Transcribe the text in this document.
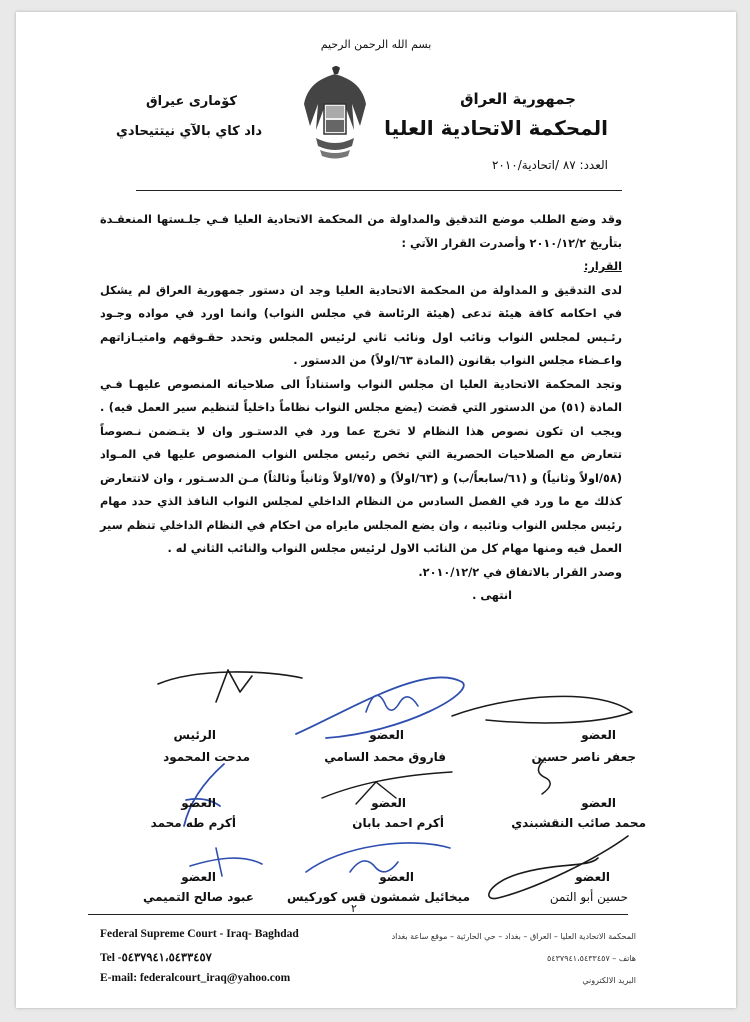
بسم الله الرحمن الرحيم
جمهورية العراق
المحكمة الاتحادية العليا
العدد: ٨٧ /اتحادية/٢٠١٠
كۆماری عیراق
داد كاي بالآي نيتتيحادي

وقد وضع الطلب موضع التدقيق والمداولة من المحكمة الاتحادية العليا فـي جلـستها المنعقـدة بتأريخ ٢٠١٠/١٢/٢ وأصدرت القرار الآتي :

القرار:

لدى التدقيق و المداولة من المحكمة الاتحادية العليا وجد ان دستور جمهورية العراق لم يشكل في احكامه كافة هيئة تدعى (هيئة الرئاسة في مجلس النواب) وانما اورد في مواده وجـود رئـيس لمجلس النواب ونائب اول ونائب ثاني لرئيس المجلس وتحدد حقـوقهم وامتيـازاتهم واعـضاء مجلس النواب بقانون (المادة ٦٣/اولاً) من الدستور .

وتجد المحكمة الاتحادية العليا ان مجلس النواب واستناداً الى صلاحياته المنصوص عليهـا فـي المادة (٥١) من الدستور التي قضت (يضع مجلس النواب نظاماً داخلياً لتنظيم سير العمل فيه) . ويجب ان تكون نصوص هذا النظام لا تخرج عما ورد في الدستـور وان لا يتـضمن نـصوصاً تتعارض مع الصلاحيات الحصرية التي تخص رئيس مجلس النواب المنصوص عليها في المـواد (٥٨/اولاً وثانياً) و (٦١/سابعاً/ب) و (٦٣/اولاً) و (٧٥/اولاً وثانياً وثالثاً) مـن الدسـتور ، وان لاتتعارض كذلك مع ما ورد في الفصل السادس من النظام الداخلي لمجلس النواب النافذ الذي حدد مهام رئيس مجلس النواب ونائبيه ، وان يضع المجلس مايراه من احكام في النظام الداخلي تنظم سير العمل فيه ومنها مهام كل من النائب الاول لرئيس مجلس النواب والنائب الثاني له .

وصدر القرار بالاتفاق في ٢٠١٠/١٢/٢.

انتهى .

الرئيس
مدحت المحمود
العضو
فاروق محمد السامي
العضو
جعفر ناصر حسين
العضو
أكرم طه محمد
العضو
أكرم احمد بابان
العضو
محمد صائب النقشبندي
العضو
عبود صالح التميمي
العضو
ميخائيل شمشون قس كوركيس
العضو
حسين أبو التمن
٢
Federal Supreme Court - Iraq- Baghdad
Tel -٥٤٣٧٩٤١،٥٤٣٣٤٥٧
E-mail: federalcourt_iraq@yahoo.com
المحكمة الاتحادية العليا – العراق – بغداد – حي الحارثية – موقع ساعة بغداد
هاتف – ٥٤٣٧٩٤١،٥٤٣٣٤٥٧
البريد الالكتروني
